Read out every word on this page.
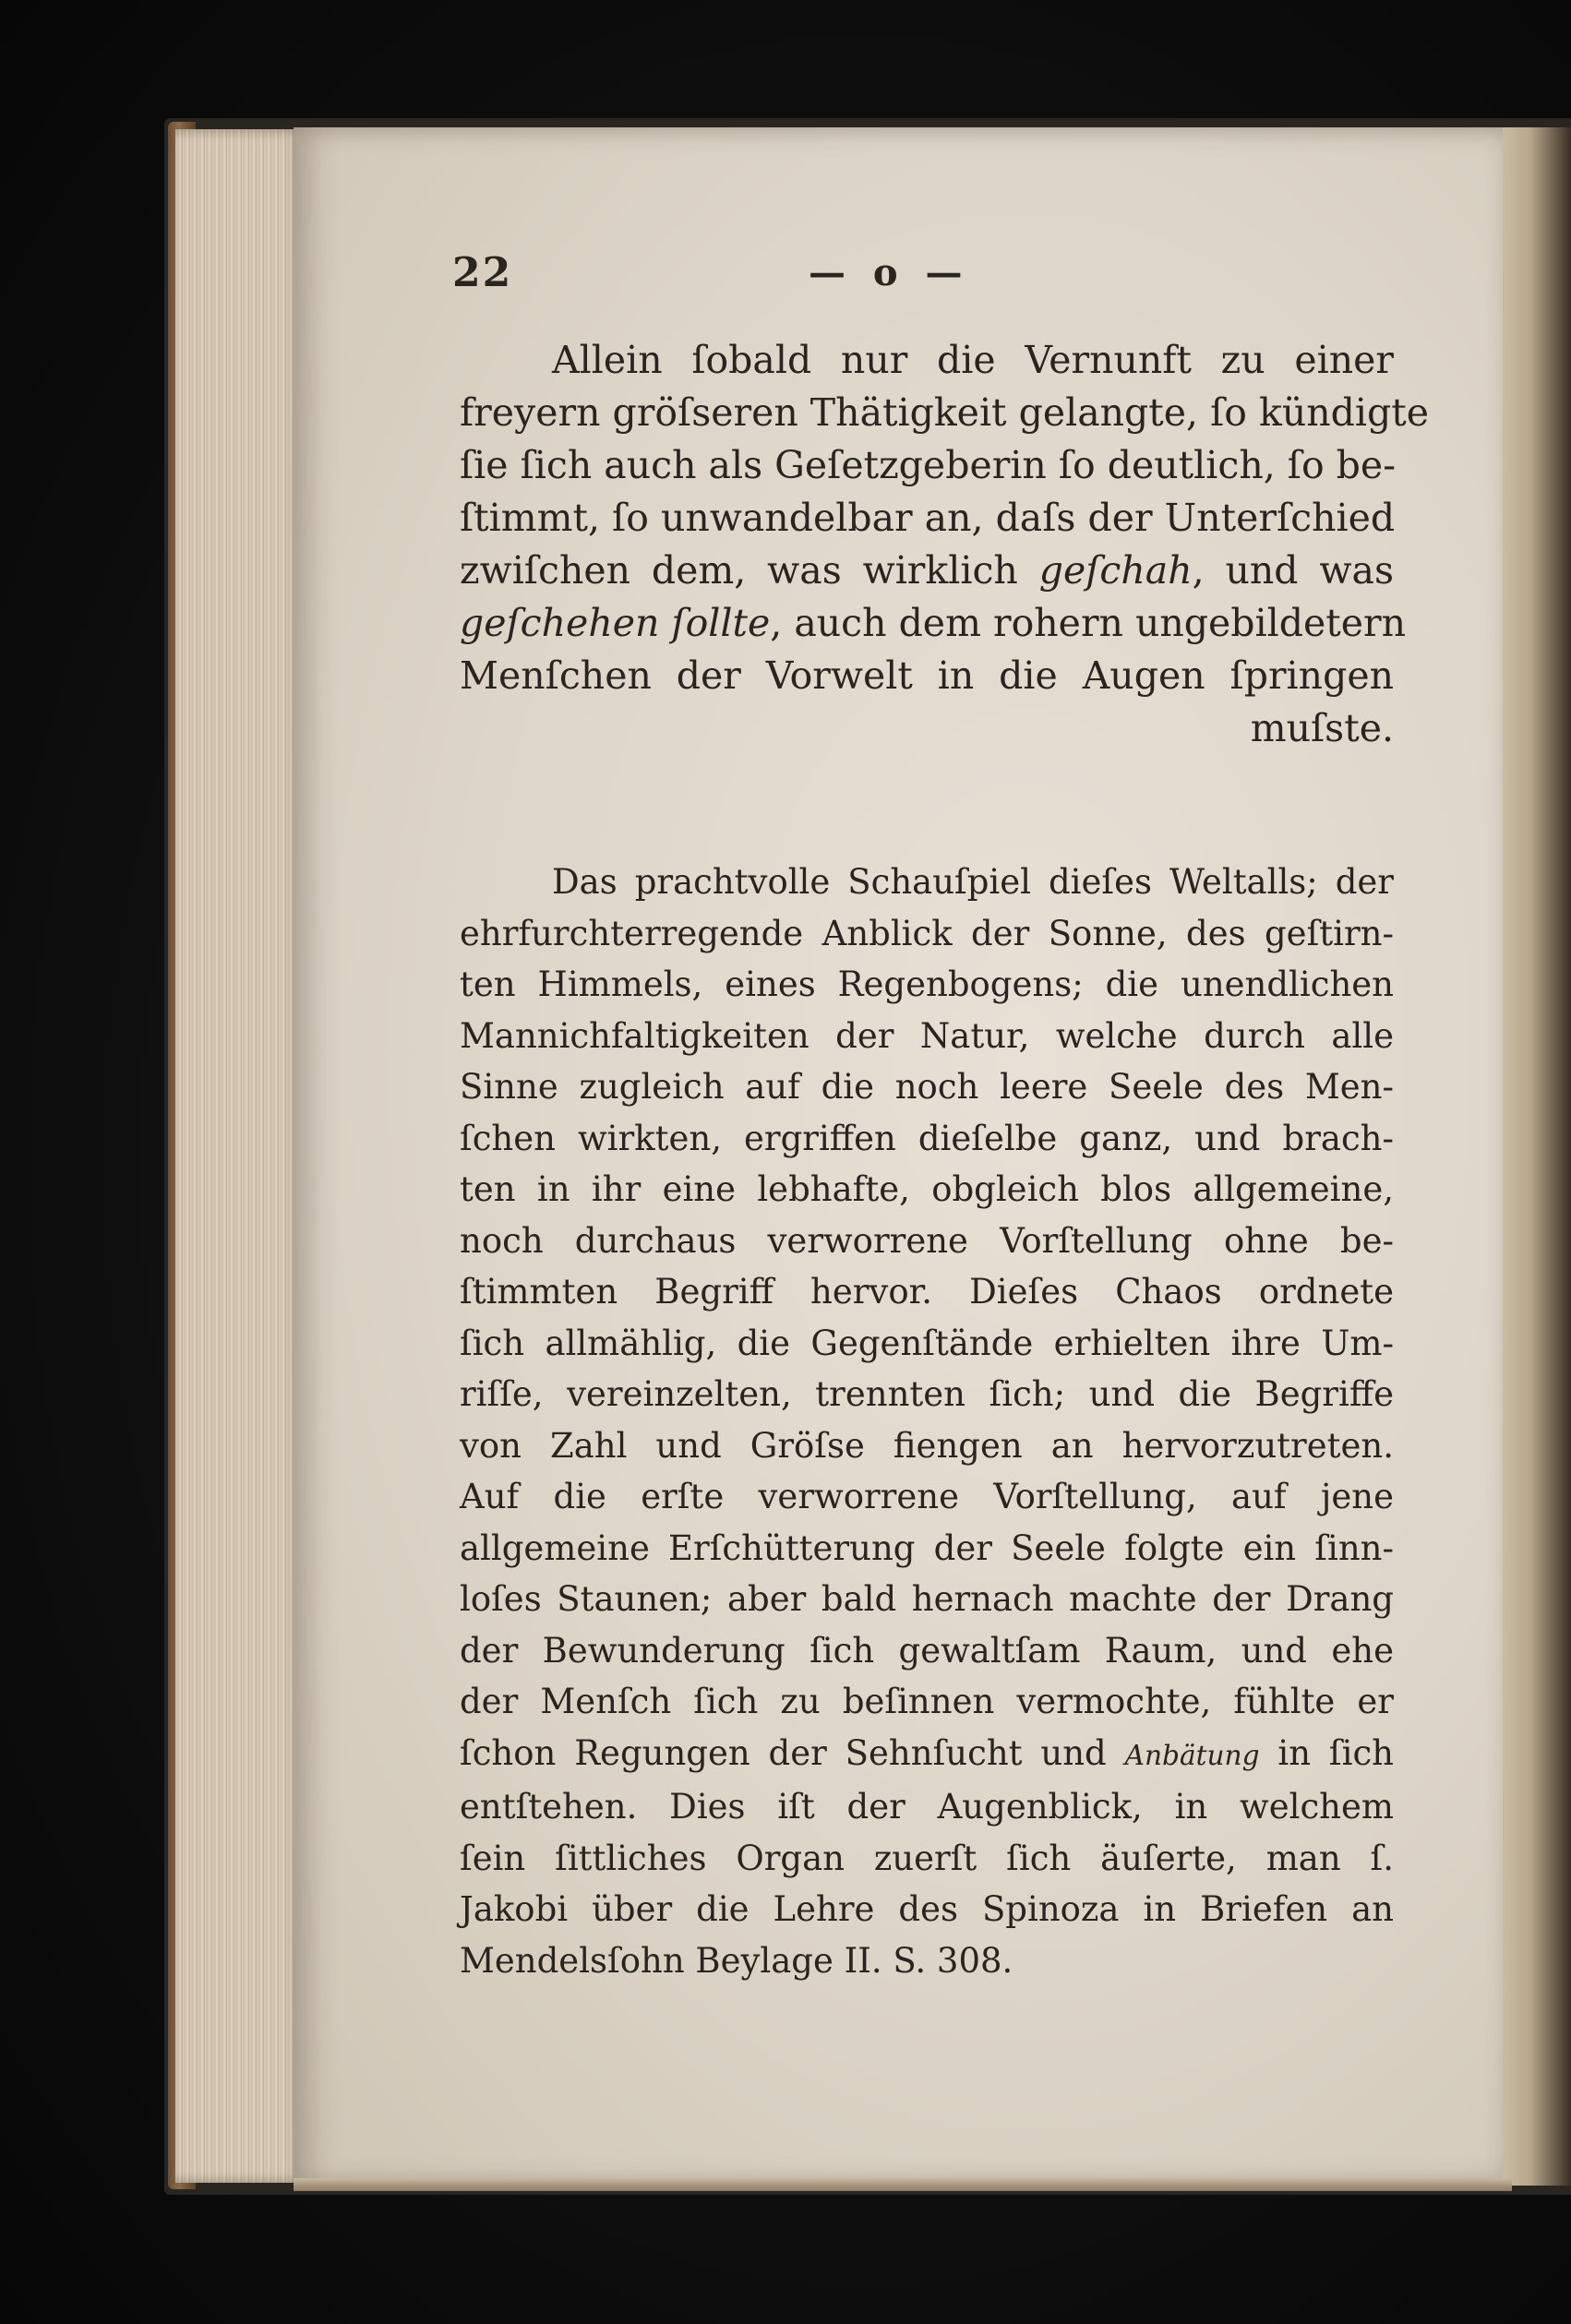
22	— o —
Allein ſobald nur die Vernunft zu einer
freyern gröſseren Thätigkeit gelangte, ſo kündigte
ſie ſich auch als Geſetzgeberin ſo deutlich, ſo be-
ſtimmt, ſo unwandelbar an, daſs der Unterſchied
zwiſchen dem, was wirklich geſchah, und was
geſchehen ſollte, auch dem rohern ungebildetern
Menſchen der Vorwelt in die Augen ſpringen
muſste.
Das prachtvolle Schauſpiel dieſes Weltalls; der
ehrfurchterregende Anblick der Sonne, des geſtirn-
ten Himmels, eines Regenbogens; die unendlichen
Mannichfaltigkeiten der Natur, welche durch alle
Sinne zugleich auf die noch leere Seele des Men-
ſchen wirkten, ergriffen dieſelbe ganz, und brach-
ten in ihr eine lebhafte, obgleich blos allgemeine,
noch durchaus verworrene Vorſtellung ohne be-
ſtimmten Begriff hervor. Dieſes Chaos ordnete
ſich allmählig, die Gegenſtände erhielten ihre Um-
riſſe, vereinzelten, trennten ſich; und die Begriffe
von Zahl und Gröſse fiengen an hervorzutreten.
Auf die erſte verworrene Vorſtellung, auf jene
allgemeine Erſchütterung der Seele folgte ein ſinn-
loſes Staunen; aber bald hernach machte der Drang
der Bewunderung ſich gewaltſam Raum, und ehe
der Menſch ſich zu beſinnen vermochte, fühlte er
ſchon Regungen der Sehnſucht und Anbätung in ſich
entſtehen. Dies iſt der Augenblick, in welchem
ſein ſittliches Organ zuerſt ſich äuſerte, man ſ.
Jakobi über die Lehre des Spinoza in Briefen an
Mendelsſohn Beylage II. S. 308.
